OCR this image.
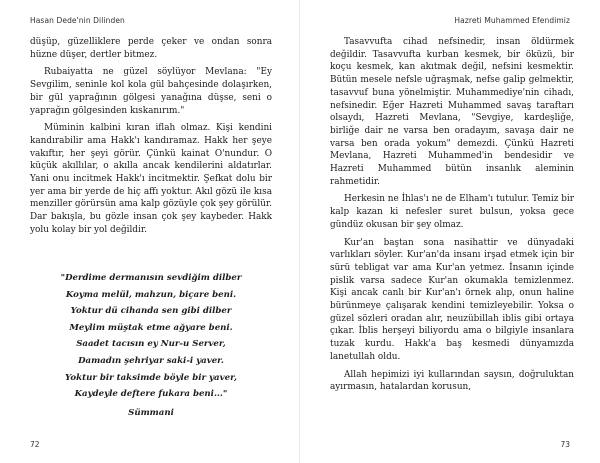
Hasan Dede'nin Dilinden

düşüp, güzelliklere perde çeker ve ondan sonra hüzne düşer, dertler bitmez.

Rubaiyatta ne güzel söylüyor Mevlana: "Ey Sevgilim, seninle kol kola gül bahçesinde dolaşırken, bir gül yaprağının gölgesi yanağına düşse, seni o yaprağın gölgesinden kıskanırım."

Müminin kalbini kıran iflah olmaz. Kişi kendini kandırabilir ama Hakk'ı kandıramaz. Hakk her şeye vakıftır, her şeyi görür. Çünkü kainat O'nundur. O küçük akıllılar, o akılla ancak kendilerini aldatırlar. Yani onu incitmek Hakk'ı incitmektir. Şefkat dolu bir yer ama bir yerde de hiç affı yoktur. Akıl gözü ile kısa menziller görürsün ama kalp gözüyle çok şey görülür. Dar bakışla, bu gözle insan çok şey kaybeder. Hakk yolu kolay bir yol değildir.

"Derdime dermanısın sevdiğim dilber
Koyma melül, mahzun, biçare beni.
Yoktur dü cihanda sen gibi dilber
Meylim müştak etme ağyare beni.
Saadet tacısın ey Nur-u Server,
Damadın şehriyar saki-i yaver.
Yoktur bir taksimde böyle bir yaver,
Kaydeyle deftere fukara beni..."
Sümmani
72
Hazreti Muhammed Efendimiz

Tasavvufta cihad nefsinedir, insan öldürmek değildir. Tasavvufta kurban kesmek, bir öküzü, bir koçu kesmek, kan akıtmak değil, nefsini kesmektir. Bütün mesele nefsle uğraşmak, nefse galip gelmektir, tasavvuf buna yönelmiştir. Muhammediye'nin cihadı, nefsinedir. Eğer Hazreti Muhammed savaş taraftarı olsaydı, Hazreti Mevlana, "Sevgiye, kardeşliğe, birliğe dair ne varsa ben oradayım, savaşa dair ne varsa ben orada yokum" demezdi. Çünkü Hazreti Mevlana, Hazreti Muhammed'in bendesidir ve Hazreti Muhammed bütün insanlık aleminin rahmetidir.

Herkesin ne İhlas'ı ne de Elham'ı tutulur. Temiz bir kalp kazan ki nefesler suret bulsun, yoksa gece gündüz okusan bir şey olmaz.

Kur'an baştan sona nasihattir ve dünyadaki varlıkları söyler. Kur'an'da insanı irşad etmek için bir sürü tebligat var ama Kur'an yetmez. İnsanın içinde pislik varsa sadece Kur'an okumakla temizlenmez. Kişi ancak canlı bir Kur'an'ı örnek alıp, onun haline bürünmeye çalışarak kendini temizleyebilir. Yoksa o güzel sözleri oradan alır, neuzübillah iblis gibi ortaya çıkar. İblis herşeyi biliyordu ama o bilgiyle insanlara tuzak kurdu. Hakk'a baş kesmedi dünyamızda lanetullah oldu.

Allah hepimizi iyi kullarından saysın, doğruluktan ayırmasın, hatalardan korusun,

73
